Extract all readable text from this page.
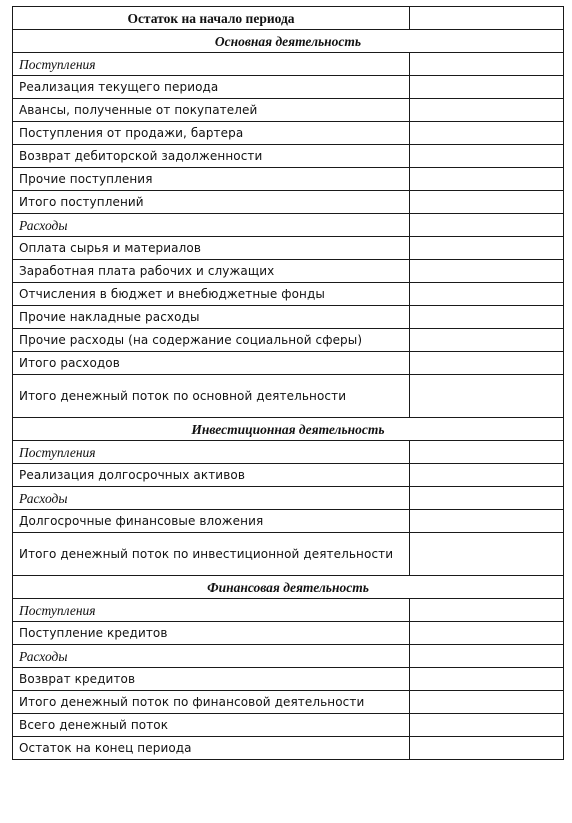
Остаток на начало периода	
Основная деятельность	
Поступления	
Реализация текущего периода	
Авансы, полученные от покупателей	
Поступления от продажи, бартера	
Возврат дебиторской задолженности	
Прочие поступления	
Итого поступлений	
Расходы	
Оплата сырья и материалов	
Заработная плата рабочих и служащих	
Отчисления в бюджет и внебюджетные фонды	
Прочие накладные расходы	
Прочие расходы (на содержание социальной сферы)	
Итого расходов	
Итого денежный поток по основной деятельности	
Инвестиционная деятельность	
Поступления	
Реализация долгосрочных активов	
Расходы	
Долгосрочные финансовые вложения	
Итого денежный поток по инвестиционной деятельности	
Финансовая деятельность	
Поступления	
Поступление кредитов	
Расходы	
Возврат кредитов	
Итого денежный поток по финансовой деятельности	
Всего денежный поток	
Остаток на конец периода	
